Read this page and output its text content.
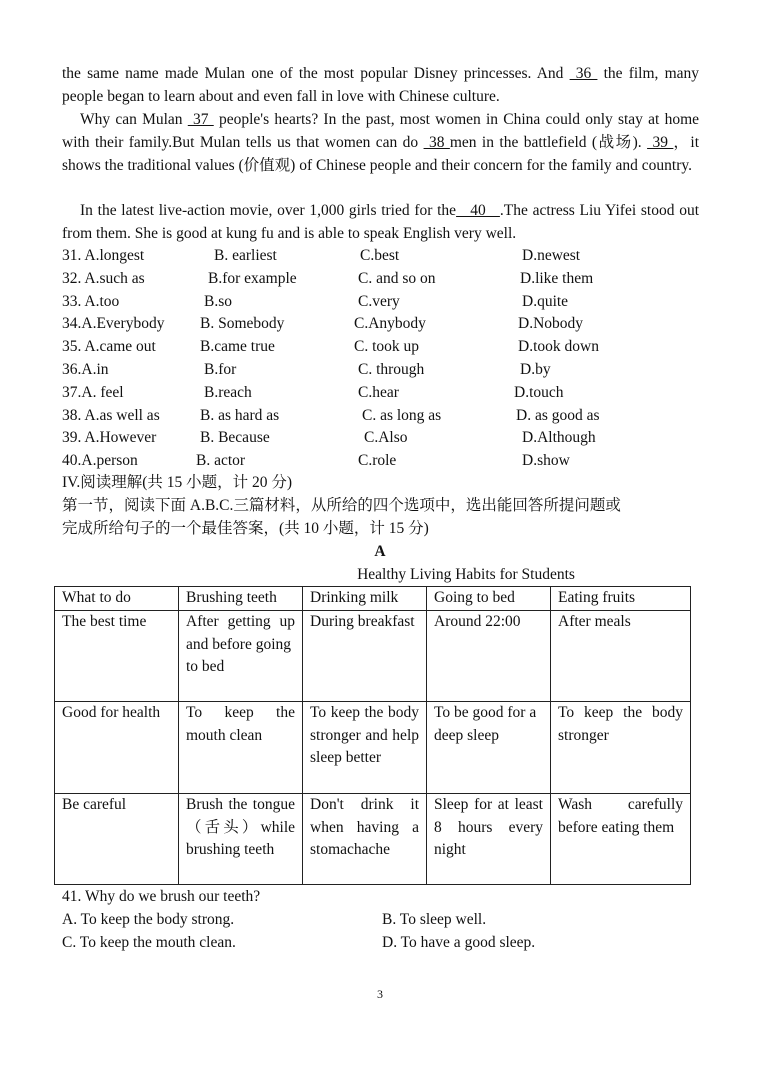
the same name made Mulan one of the most popular Disney princesses. And  36  the film, many people began to learn about and even fall in love with Chinese culture.

Why can Mulan  37  people's hearts? In the past, most women in China could only stay at home with their family.But Mulan tells us that women can do  38 men in the battlefield (战场).  39 ，it shows the traditional values (价值观) of Chinese people and their concern for the family and country.

In the latest live-action movie, over 1,000 girls tried for the   40   .The actress Liu Yifei stood out from them. She is good at kung fu and is able to speak English very well.

31. A.longest	B. earliest	C.best	D.newest
32. A.such as	B.for example	C. and so on	D.like them
33. A.too	B.so	C.very	D.quite
34.A.Everybody B. Somebody	C.Anybody	D.Nobody
35. A.came out	B.came true	C. took up	D.took down
36.A.in	B.for	C. through	D.by
37.A. feel	B.reach	C.hear	D.touch
38. A.as well as	B. as hard as	C. as long as	D. as good as
39. A.However	B. Because	C.Also	D.Although
40.A.person	B. actor	C.role	D.show
IV.阅读理解(共 15 小题，计 20 分)
第一节，阅读下面 A.B.C.三篇材料，从所给的四个选项中，选出能回答所提问题或
完成所给句子的一个最佳答案，(共 10 小题，计 15 分)
A
Healthy Living Habits for Students
What to do	Brushing teeth	Drinking milk	Going to bed	Eating fruits
The best time	After getting up and before going
to bed	During breakfast	Around 22:00	After meals
Good for health	To keep the mouth clean	To keep the body stronger and help sleep better	To be good for a
deep sleep	To keep the body stronger
Be careful	Brush the tongue（舌头）while brushing teeth	Don't drink it when having a stomachache	Sleep for at least 8 hours every night	Wash carefully before eating them
41. Why do we brush our teeth?
A. To keep the body strong.	B. To sleep well.
C. To keep the mouth clean.	D. To have a good sleep.
3
